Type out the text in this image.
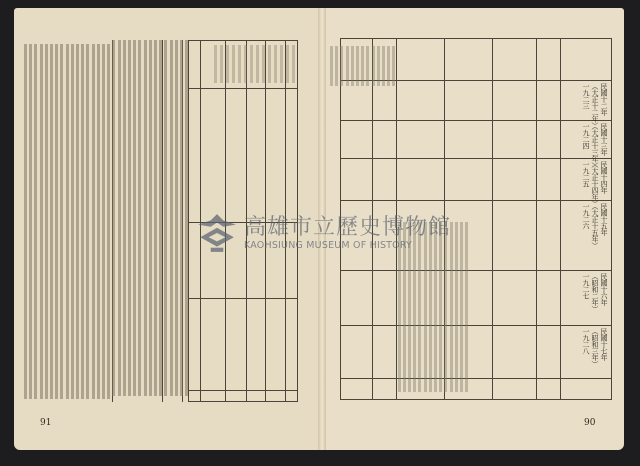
91	90
民國十二年
（大正十二年）
一九二三
民國十三年
（大正十三年）
一九二四
民國十四年
（大正十四年）
一九二五
民國十五年
（大正十五年）
一九二六
民國十六年
（昭和二年）
一九二七
民國十七年
（昭和三年）
一九二八
高雄市立歷史博物館
KAOHSIUNG MUSEUM OF HISTORY
